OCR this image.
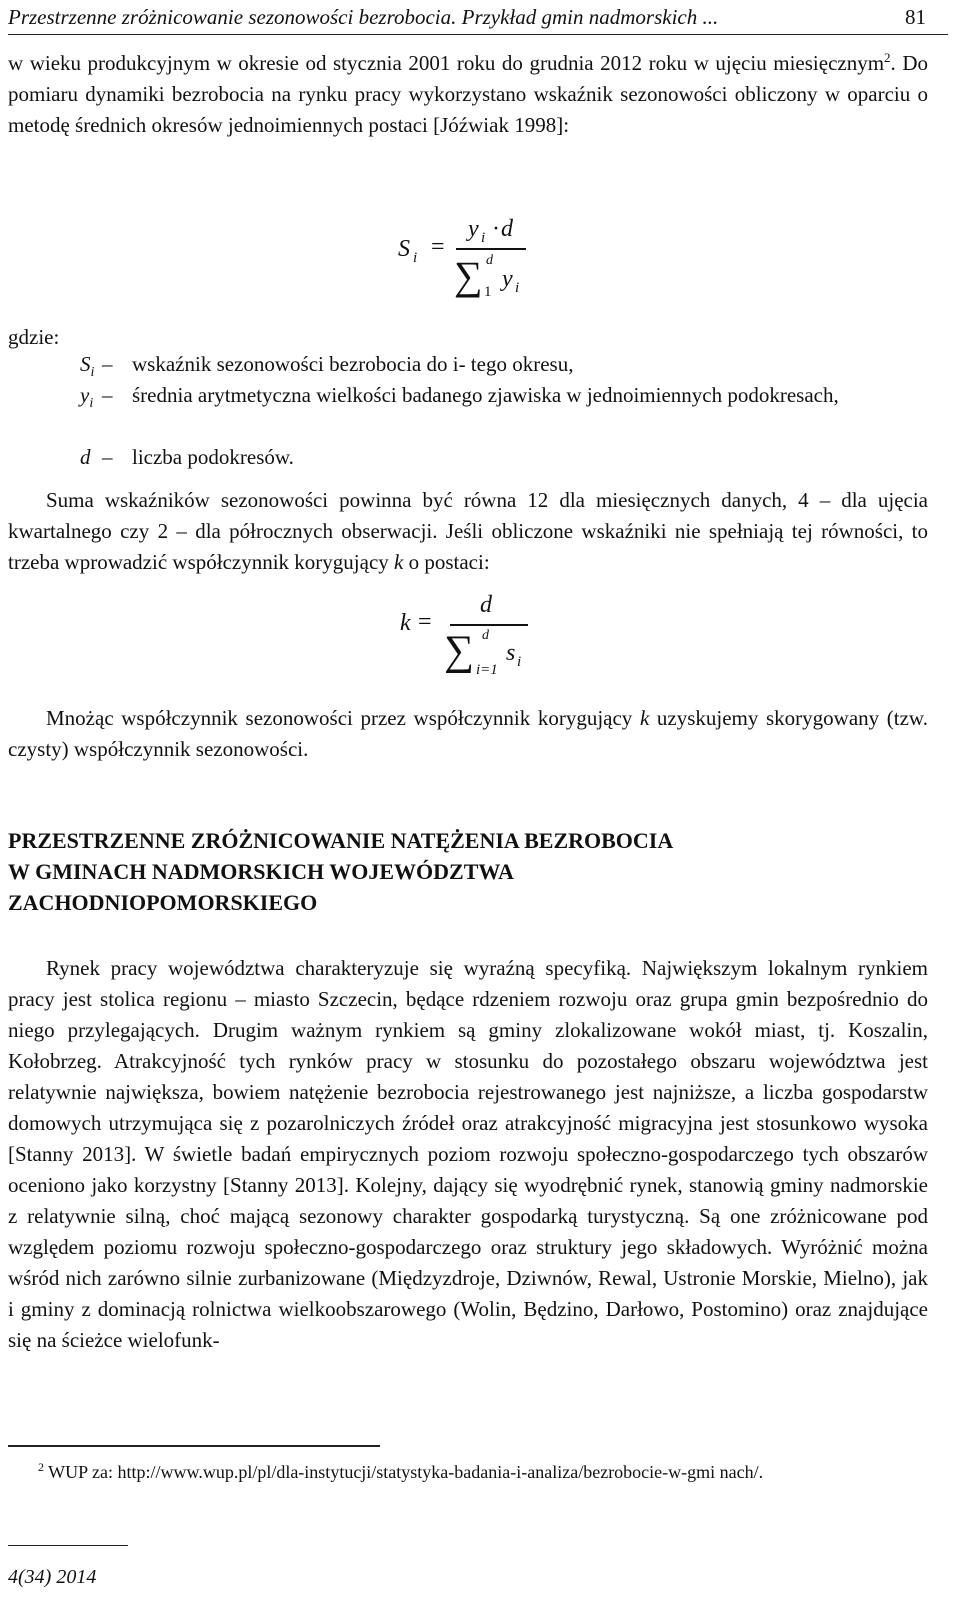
Przestrzenne zróżnicowanie sezonowości bezrobocia. Przykład gmin nadmorskich ...	81

w wieku produkcyjnym w okresie od stycznia 2001 roku do grudnia 2012 roku w ujęciu miesięcznym$^2$. Do pomiaru dynamiki bezrobocia na rynku pracy wykorzystano wskaźnik sezonowości obliczony w oparciu o metodę średnich okresów jednoimiennych postaci [Jóźwiak 1998]:

S i =
y i · d
d
∑ 1 y i

gdzie:

$S_i$ – wskaźnik sezonowości bezrobocia do i- tego okresu,
$y_i$ – średnia arytmetyczna wielkości badanego zjawiska w jednoimiennych podokresach,
d – liczba podokresów.

Suma wskaźników sezonowości powinna być równa 12 dla miesięcznych danych, 4 – dla ujęcia kwartalnego czy 2 – dla półrocznych obserwacji. Jeśli obliczone wskaźniki nie spełniają tej równości, to trzeba wprowadzić współczynnik korygujący k o postaci:

k =
d
d
∑ i=1
s i

Mnożąc współczynnik sezonowości przez współczynnik korygujący k uzyskujemy skorygowany (tzw. czysty) współczynnik sezonowości.

PRZESTRZENNE ZRÓŻNICOWANIE NATĘŻENIA BEZROBOCIA
W GMINACH NADMORSKICH WOJEWÓDZTWA
ZACHODNIOPOMORSKIEGO

Rynek pracy województwa charakteryzuje się wyraźną specyfiką. Największym lokalnym rynkiem pracy jest stolica regionu – miasto Szczecin, będące rdzeniem rozwoju oraz grupa gmin bezpośrednio do niego przylegających. Drugim ważnym rynkiem są gminy zlokalizowane wokół miast, tj. Koszalin, Kołobrzeg. Atrakcyjność tych rynków pracy w stosunku do pozostałego obszaru województwa jest relatywnie największa, bowiem natężenie bezrobocia rejestrowanego jest najniższe, a liczba gospodarstw domowych utrzymująca się z pozarolniczych źródeł oraz atrakcyjność migracyjna jest stosunkowo wysoka [Stanny 2013]. W świetle badań empirycznych poziom rozwoju społeczno-gospodarczego tych obszarów oceniono jako korzystny [Stanny 2013]. Kolejny, dający się wyodrębnić rynek, stanowią gminy nadmorskie z relatywnie silną, choć mającą sezonowy charakter gospodarką turystyczną. Są one zróżnicowane pod względem poziomu rozwoju społeczno-gospodarczego oraz struktury jego składowych. Wyróżnić można wśród nich zarówno silnie zurbanizowane (Międzyzdroje, Dziwnów, Rewal, Ustronie Morskie, Mielno), jak i gminy z dominacją rolnictwa wielkoobszarowego (Wolin, Będzino, Darłowo, Postomino) oraz znajdujące się na ścieżce wielofunk-

$^2$ WUP za: http://www.wup.pl/pl/dla-instytucji/statystyka-badania-i-analiza/bezrobocie-w-gmi nach/.
4(34) 2014
